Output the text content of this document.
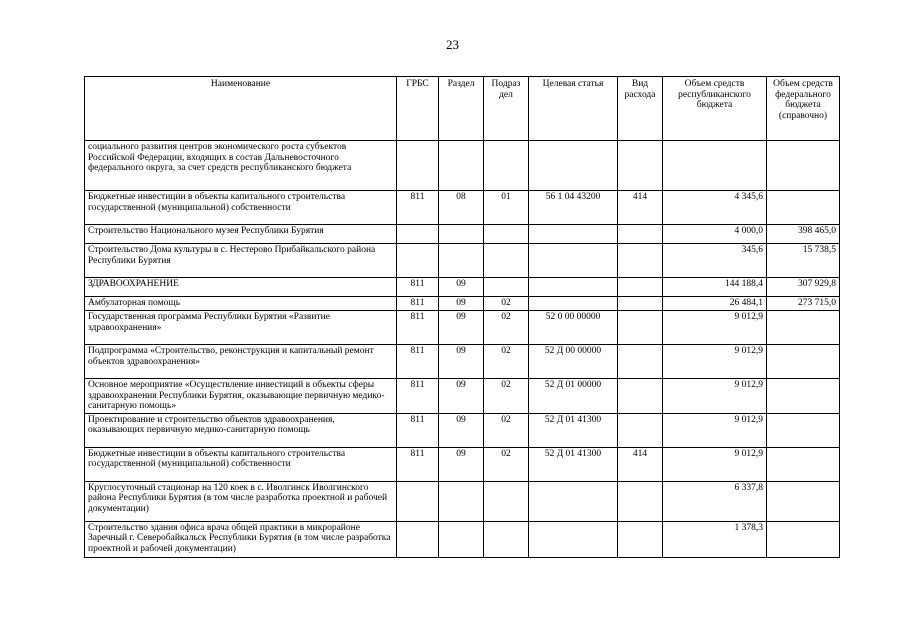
23
Наименование	ГРБС	Раздел	Подраз дел	Целевая статья	Вид расхода	Объем средств республиканского бюджета	Объем средств федерального бюджета (справочно)
социального развития центров экономического роста субъектов Российской Федерации, входящих в состав Дальневосточного федерального округа, за счет средств республиканского бюджета							
Бюджетные инвестиции в объекты капитального строительства государственной (муниципальной) собственности	811	08	01	56 1 04 43200	414	4 345,6	
Строительство Национального музея Республики Бурятия						4 000,0	398 465,0
Строительство Дома культуры в с. Нестерово Прибайкальского района Республики Бурятия						345,6	15 738,5
ЗДРАВООХРАНЕНИЕ	811	09				144 188,4	307 929,8
Амбулаторная помощь	811	09	02			26 484,1	273 715,0
Государственная программа Республики Бурятия «Развитие здравоохранения»	811	09	02	52 0 00 00000		9 012,9	
Подпрограмма «Строительство, реконструкция и капитальный ремонт объектов здравоохранения»	811	09	02	52 Д 00 00000		9 012,9	
Основное мероприятие «Осуществление инвестиций в объекты сферы здравоохранения Республики Бурятия, оказывающие первичную медико-санитарную помощь»	811	09	02	52 Д 01 00000		9 012,9	
Проектирование и строительство объектов здравоохранения, оказывающих первичную медико-санитарную помощь	811	09	02	52 Д 01 41300		9 012,9	
Бюджетные инвестиции в объекты капитального строительства государственной (муниципальной) собственности	811	09	02	52 Д 01 41300	414	9 012,9	
Круглосуточный стационар на 120 коек в с. Иволгинск Иволгинского района Республики Бурятия (в том числе разработка проектной и рабочей документации)						6 337,8	
Строительство здания офиса врача общей практики в микрорайоне Заречный г. Северобайкальск Республики Бурятия (в том числе разработка проектной и рабочей документации)						1 378,3	
